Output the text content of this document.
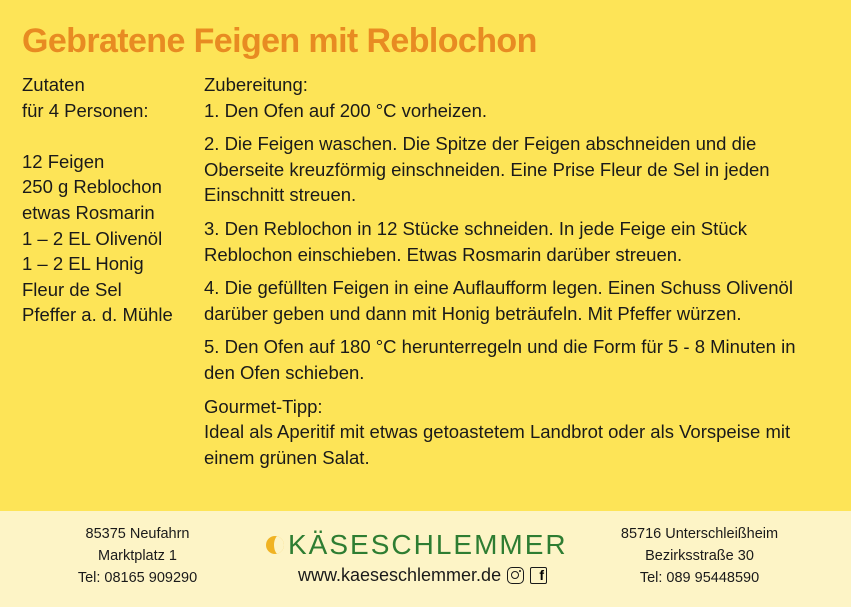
Gebratene Feigen mit Reblochon
Zutaten
für 4 Personen:
12 Feigen
250 g Reblochon
etwas Rosmarin
1 – 2 EL Olivenöl
1 – 2 EL Honig
Fleur de Sel
Pfeffer a. d. Mühle

Zubereitung:

1. Den Ofen auf 200 °C vorheizen.

2. Die Feigen waschen. Die Spitze der Feigen abschneiden und die Oberseite kreuzförmig einschneiden. Eine Prise Fleur de Sel in jeden Einschnitt streuen.

3. Den Reblochon in 12 Stücke schneiden. In jede Feige ein Stück Reblochon einschieben. Etwas Rosmarin darüber streuen.

4. Die gefüllten Feigen in eine Auflaufform legen. Einen Schuss Olivenöl darüber geben und dann mit Honig beträufeln. Mit Pfeffer würzen.

5. Den Ofen auf 180 °C herunterregeln und die Form für 5 - 8 Minuten in den Ofen schieben.

Gourmet-Tipp:

Ideal als Aperitif mit etwas getoastetem Landbrot oder als Vorspeise mit einem grünen Salat.

85375 Neufahrn
Marktplatz 1
Tel: 08165 909290
KÄSESCHLEMMER
www.kaeseschlemmer.de	f
85716 Unterschleißheim
Bezirksstraße 30
Tel: 089 95448590
